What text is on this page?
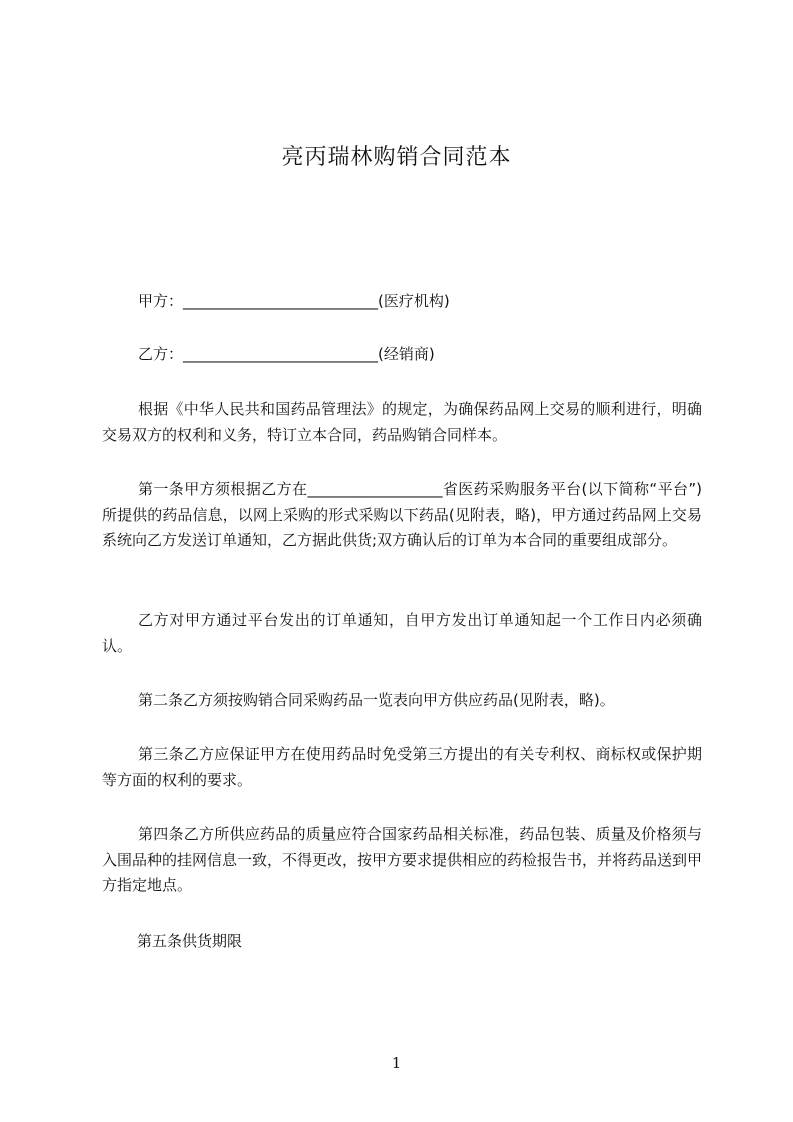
亮丙瑞林购销合同范本
甲方：__________________________(医疗机构)
乙方：__________________________(经销商)
根据《中华人民共和国药品管理法》的规定，为确保药品网上交易的顺利进行，明确交易双方的权利和义务，特订立本合同，药品购销合同样本。
第一条甲方须根据乙方在__________________省医药采购服务平台(以下简称“平台”)所提供的药品信息，以网上采购的形式采购以下药品(见附表，略)，甲方通过药品网上交易系统向乙方发送订单通知，乙方据此供货;双方确认后的订单为本合同的重要组成部分。
乙方对甲方通过平台发出的订单通知，自甲方发出订单通知起一个工作日内必须确认。
第二条乙方须按购销合同采购药品一览表向甲方供应药品(见附表，略)。
第三条乙方应保证甲方在使用药品时免受第三方提出的有关专利权、商标权或保护期等方面的权利的要求。
第四条乙方所供应药品的质量应符合国家药品相关标准，药品包装、质量及价格须与入围品种的挂网信息一致，不得更改，按甲方要求提供相应的药检报告书，并将药品送到甲方指定地点。
第五条供货期限
1
